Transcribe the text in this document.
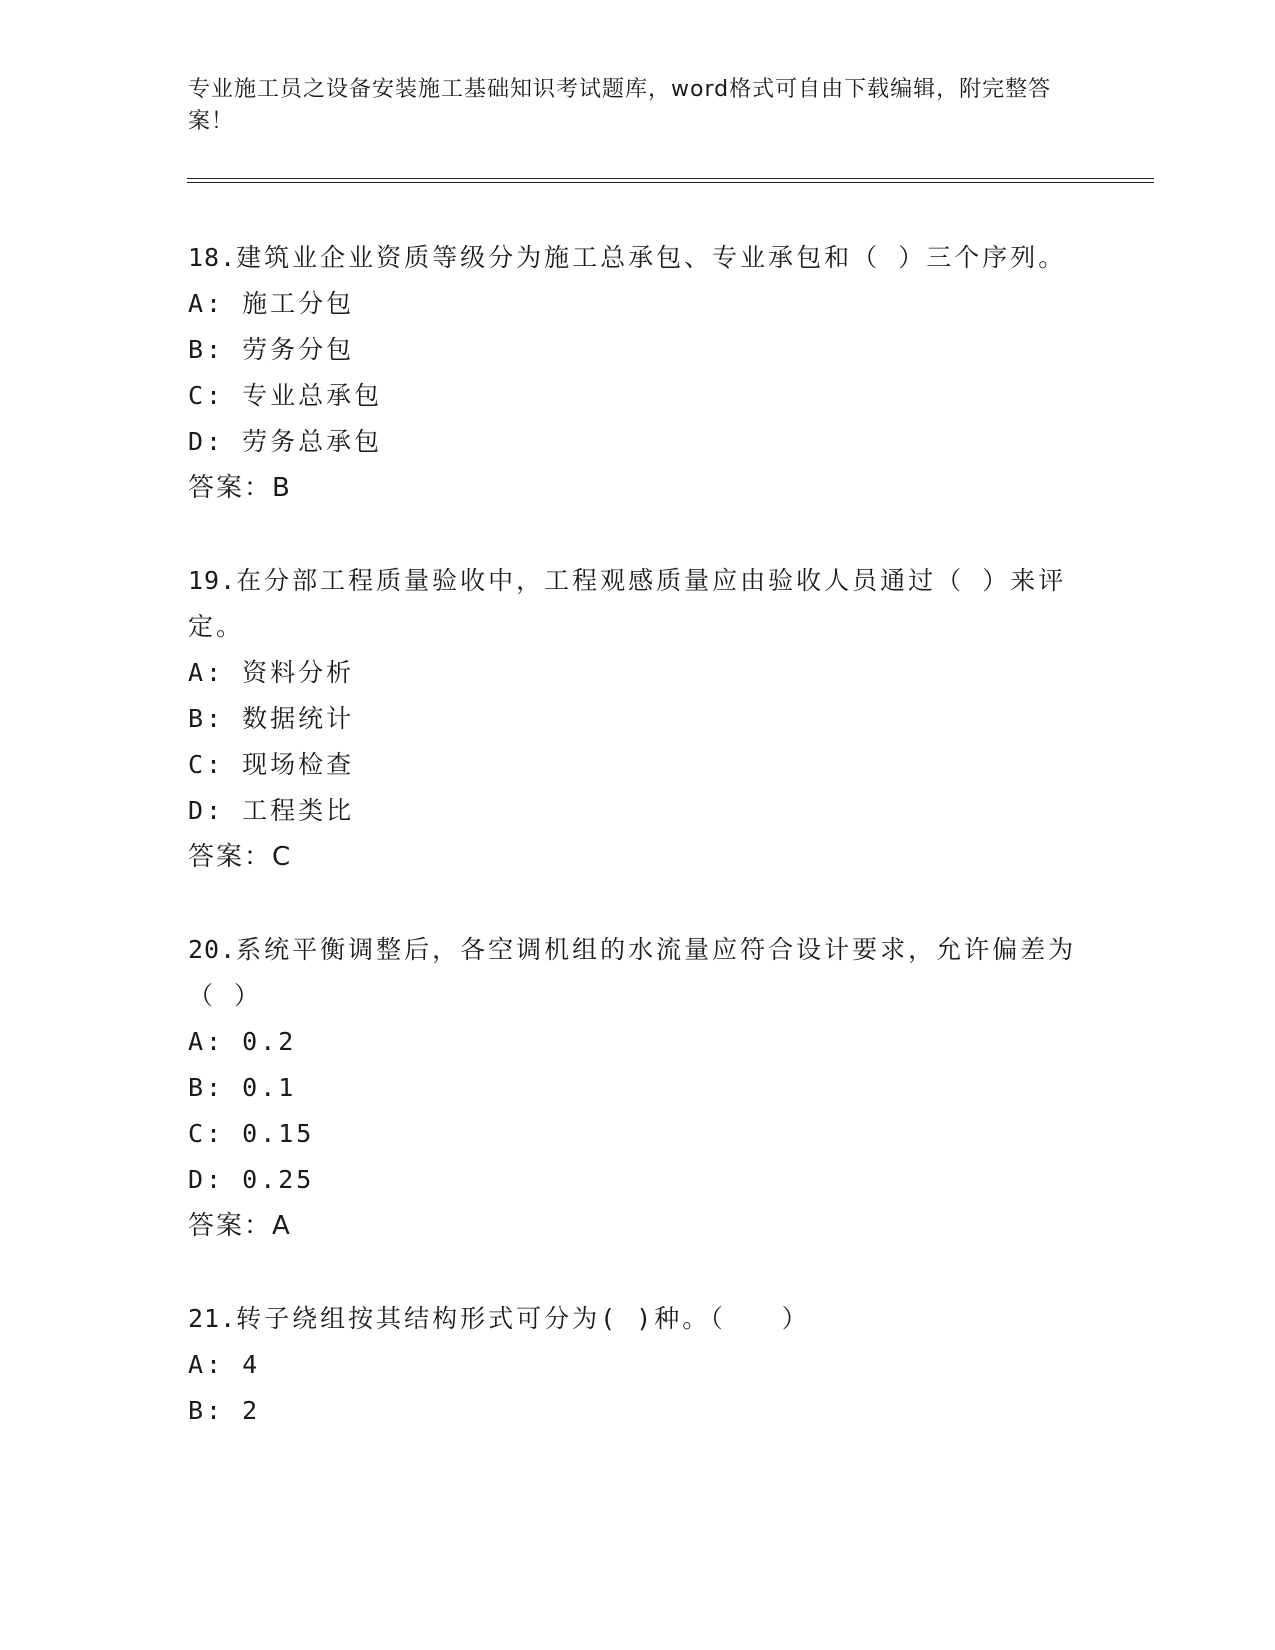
专业施工员之设备安装施工基础知识考试题库，word格式可自由下载编辑，附完整答案！
18.建筑业企业资质等级分为施工总承包、专业承包和（ ）三个序列。
A: 施工分包
B: 劳务分包
C: 专业总承包
D: 劳务总承包
答案：B
19.在分部工程质量验收中，工程观感质量应由验收人员通过（ ）来评定。
A: 资料分析
B: 数据统计
C: 现场检查
D: 工程类比
答案：C
20.系统平衡调整后，各空调机组的水流量应符合设计要求，允许偏差为（ ）
A: 0.2
B: 0.1
C: 0.15
D: 0.25
答案：A
21.转子绕组按其结构形式可分为( )种。（　　）
A: 4
B: 2
